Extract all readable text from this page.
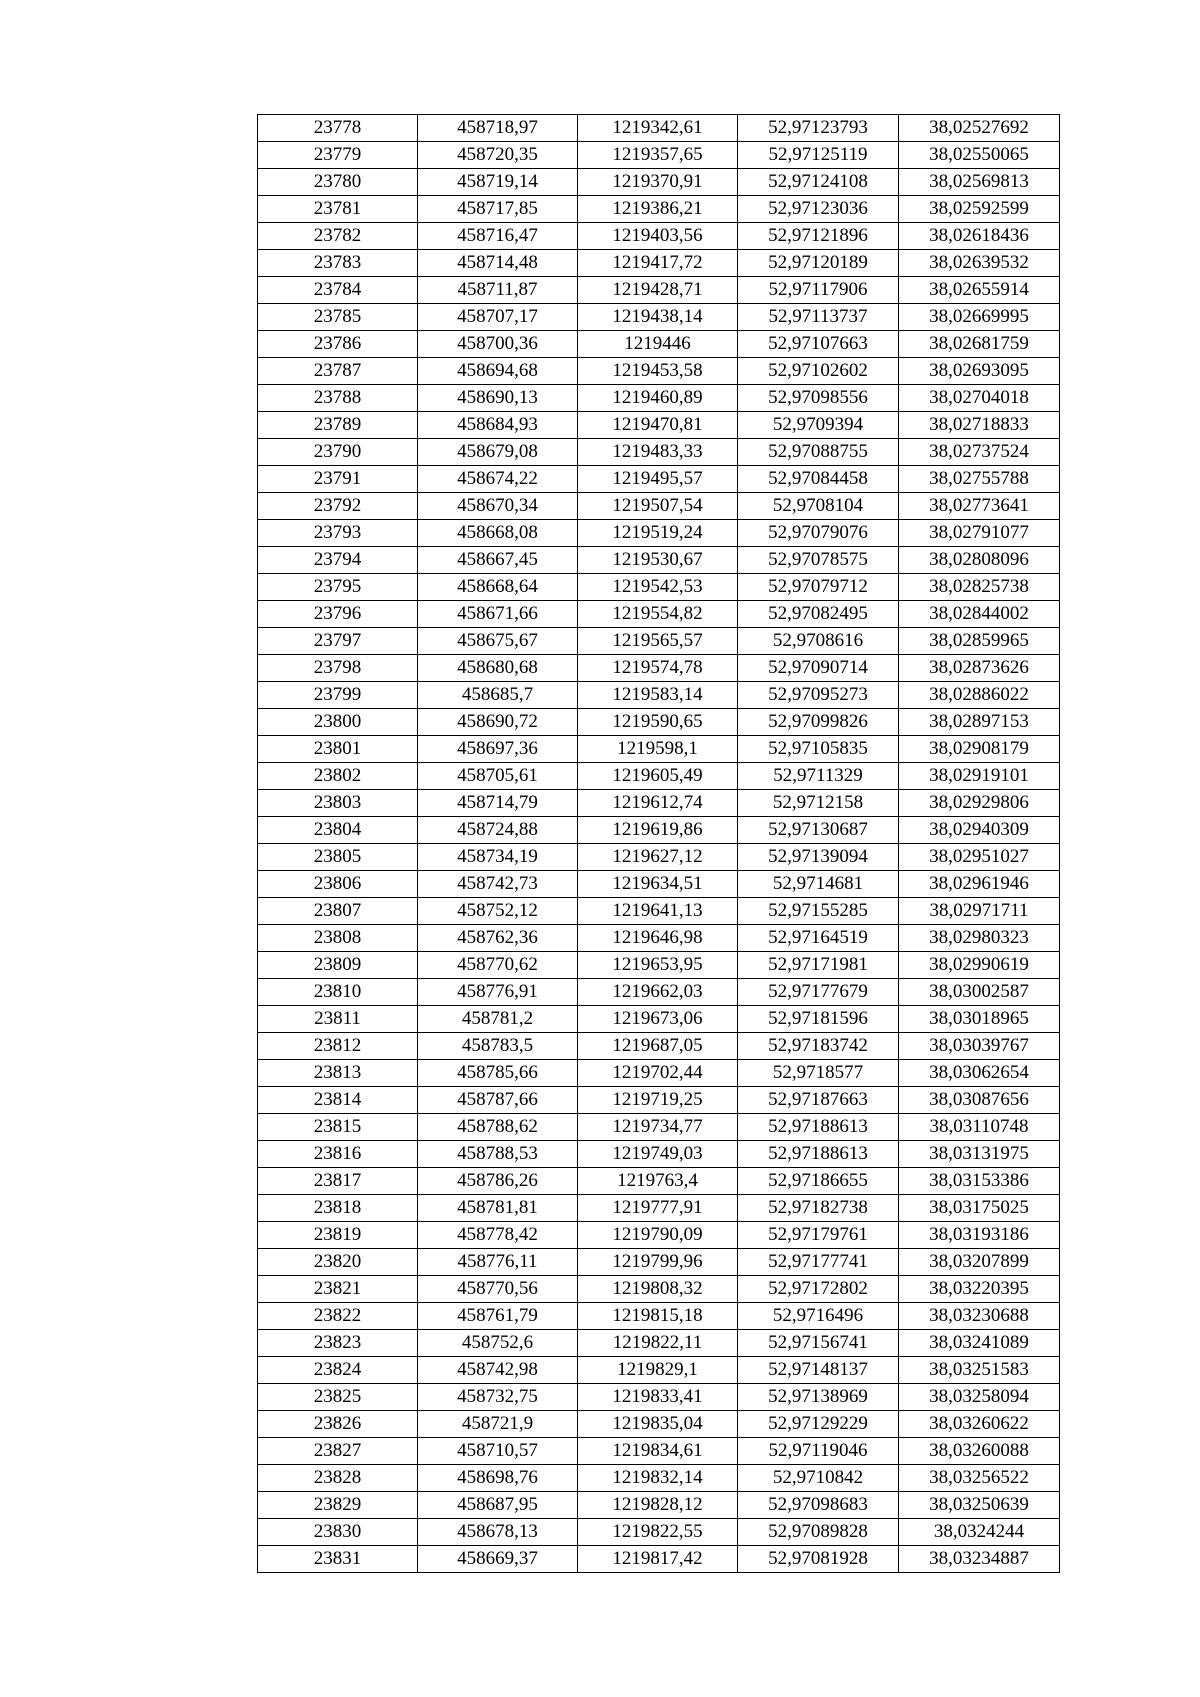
23778	458718,97	1219342,61	52,97123793	38,02527692
23779	458720,35	1219357,65	52,97125119	38,02550065
23780	458719,14	1219370,91	52,97124108	38,02569813
23781	458717,85	1219386,21	52,97123036	38,02592599
23782	458716,47	1219403,56	52,97121896	38,02618436
23783	458714,48	1219417,72	52,97120189	38,02639532
23784	458711,87	1219428,71	52,97117906	38,02655914
23785	458707,17	1219438,14	52,97113737	38,02669995
23786	458700,36	1219446	52,97107663	38,02681759
23787	458694,68	1219453,58	52,97102602	38,02693095
23788	458690,13	1219460,89	52,97098556	38,02704018
23789	458684,93	1219470,81	52,9709394	38,02718833
23790	458679,08	1219483,33	52,97088755	38,02737524
23791	458674,22	1219495,57	52,97084458	38,02755788
23792	458670,34	1219507,54	52,9708104	38,02773641
23793	458668,08	1219519,24	52,97079076	38,02791077
23794	458667,45	1219530,67	52,97078575	38,02808096
23795	458668,64	1219542,53	52,97079712	38,02825738
23796	458671,66	1219554,82	52,97082495	38,02844002
23797	458675,67	1219565,57	52,9708616	38,02859965
23798	458680,68	1219574,78	52,97090714	38,02873626
23799	458685,7	1219583,14	52,97095273	38,02886022
23800	458690,72	1219590,65	52,97099826	38,02897153
23801	458697,36	1219598,1	52,97105835	38,02908179
23802	458705,61	1219605,49	52,9711329	38,02919101
23803	458714,79	1219612,74	52,9712158	38,02929806
23804	458724,88	1219619,86	52,97130687	38,02940309
23805	458734,19	1219627,12	52,97139094	38,02951027
23806	458742,73	1219634,51	52,9714681	38,02961946
23807	458752,12	1219641,13	52,97155285	38,02971711
23808	458762,36	1219646,98	52,97164519	38,02980323
23809	458770,62	1219653,95	52,97171981	38,02990619
23810	458776,91	1219662,03	52,97177679	38,03002587
23811	458781,2	1219673,06	52,97181596	38,03018965
23812	458783,5	1219687,05	52,97183742	38,03039767
23813	458785,66	1219702,44	52,9718577	38,03062654
23814	458787,66	1219719,25	52,97187663	38,03087656
23815	458788,62	1219734,77	52,97188613	38,03110748
23816	458788,53	1219749,03	52,97188613	38,03131975
23817	458786,26	1219763,4	52,97186655	38,03153386
23818	458781,81	1219777,91	52,97182738	38,03175025
23819	458778,42	1219790,09	52,97179761	38,03193186
23820	458776,11	1219799,96	52,97177741	38,03207899
23821	458770,56	1219808,32	52,97172802	38,03220395
23822	458761,79	1219815,18	52,9716496	38,03230688
23823	458752,6	1219822,11	52,97156741	38,03241089
23824	458742,98	1219829,1	52,97148137	38,03251583
23825	458732,75	1219833,41	52,97138969	38,03258094
23826	458721,9	1219835,04	52,97129229	38,03260622
23827	458710,57	1219834,61	52,97119046	38,03260088
23828	458698,76	1219832,14	52,9710842	38,03256522
23829	458687,95	1219828,12	52,97098683	38,03250639
23830	458678,13	1219822,55	52,97089828	38,0324244
23831	458669,37	1219817,42	52,97081928	38,03234887
